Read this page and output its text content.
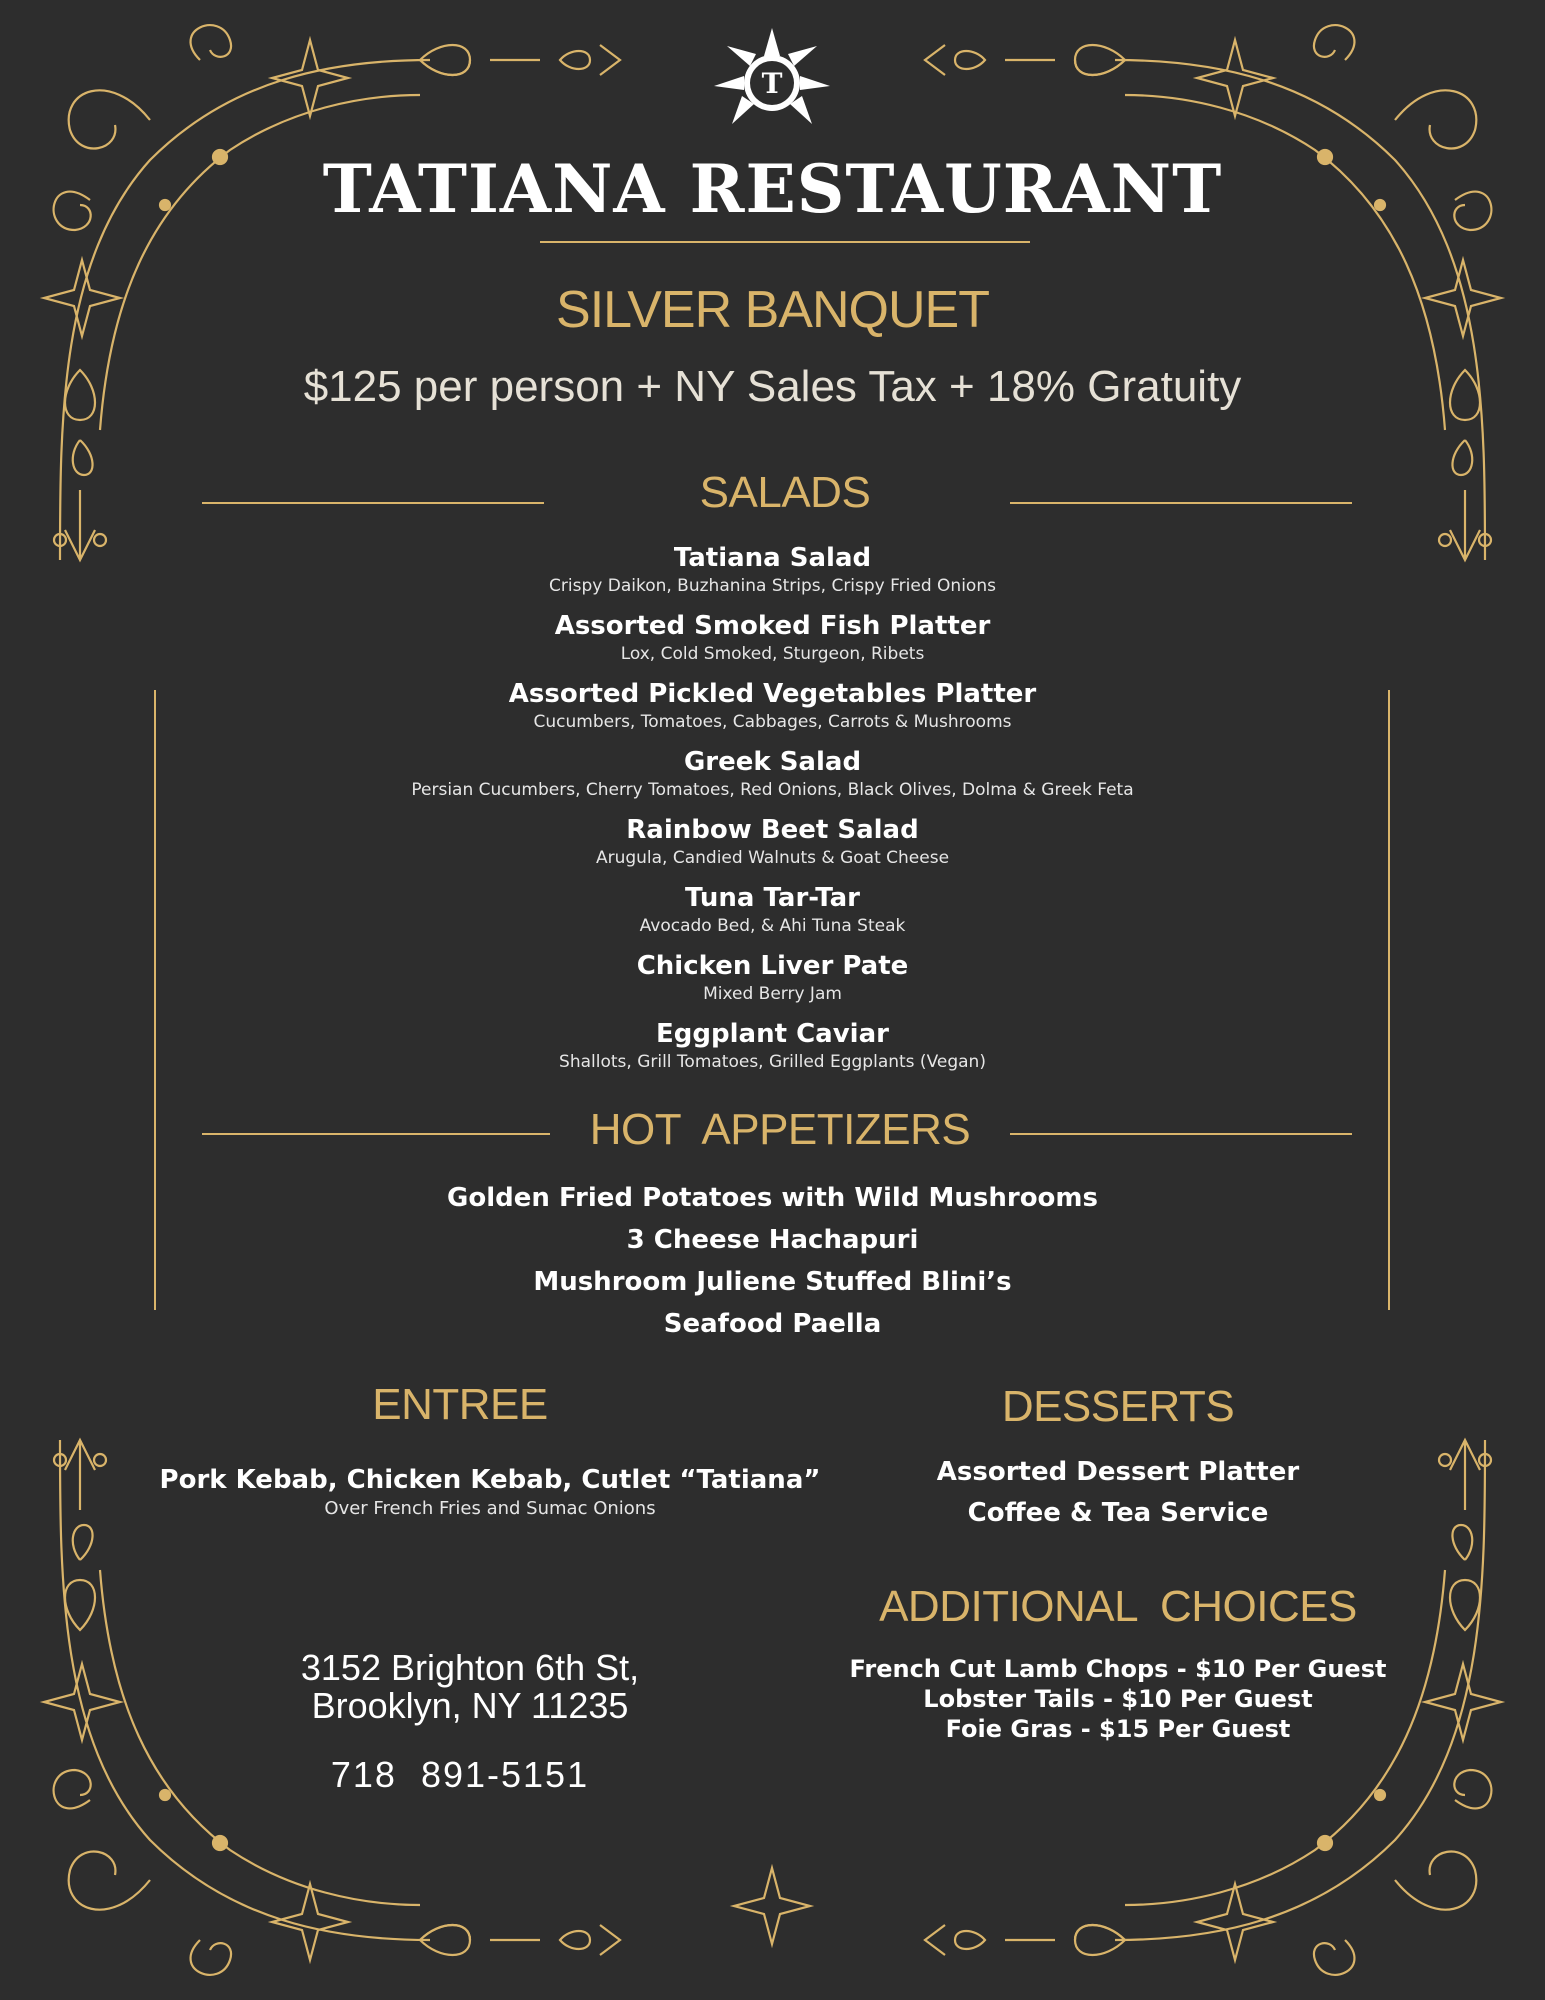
T
TATIANA RESTAURANT
SILVER BANQUET
$125 per person + NY Sales Tax + 18% Gratuity
SALADS
Tatiana Salad
Crispy Daikon, Buzhanina Strips, Crispy Fried Onions
Assorted Smoked Fish Platter
Lox, Cold Smoked, Sturgeon, Ribets
Assorted Pickled Vegetables Platter
Cucumbers, Tomatoes, Cabbages, Carrots & Mushrooms
Greek Salad
Persian Cucumbers, Cherry Tomatoes, Red Onions, Black Olives, Dolma & Greek Feta
Rainbow Beet Salad
Arugula, Candied Walnuts & Goat Cheese
Tuna Tar-Tar
Avocado Bed, & Ahi Tuna Steak
Chicken Liver Pate
Mixed Berry Jam
Eggplant Caviar
Shallots, Grill Tomatoes, Grilled Eggplants (Vegan)
HOT  APPETIZERS
Golden Fried Potatoes with Wild Mushrooms
3 Cheese Hachapuri
Mushroom Juliene Stuffed Blini’s
Seafood Paella
ENTREE
Pork Kebab, Chicken Kebab, Cutlet “Tatiana”
Over French Fries and Sumac Onions
3152 Brighton 6th St,
Brooklyn, NY 11235
718  891-5151
DESSERTS
Assorted Dessert Platter
Coffee & Tea Service
ADDITIONAL  CHOICES
French Cut Lamb Chops - $10 Per Guest
Lobster Tails - $10 Per Guest
Foie Gras - $15 Per Guest
